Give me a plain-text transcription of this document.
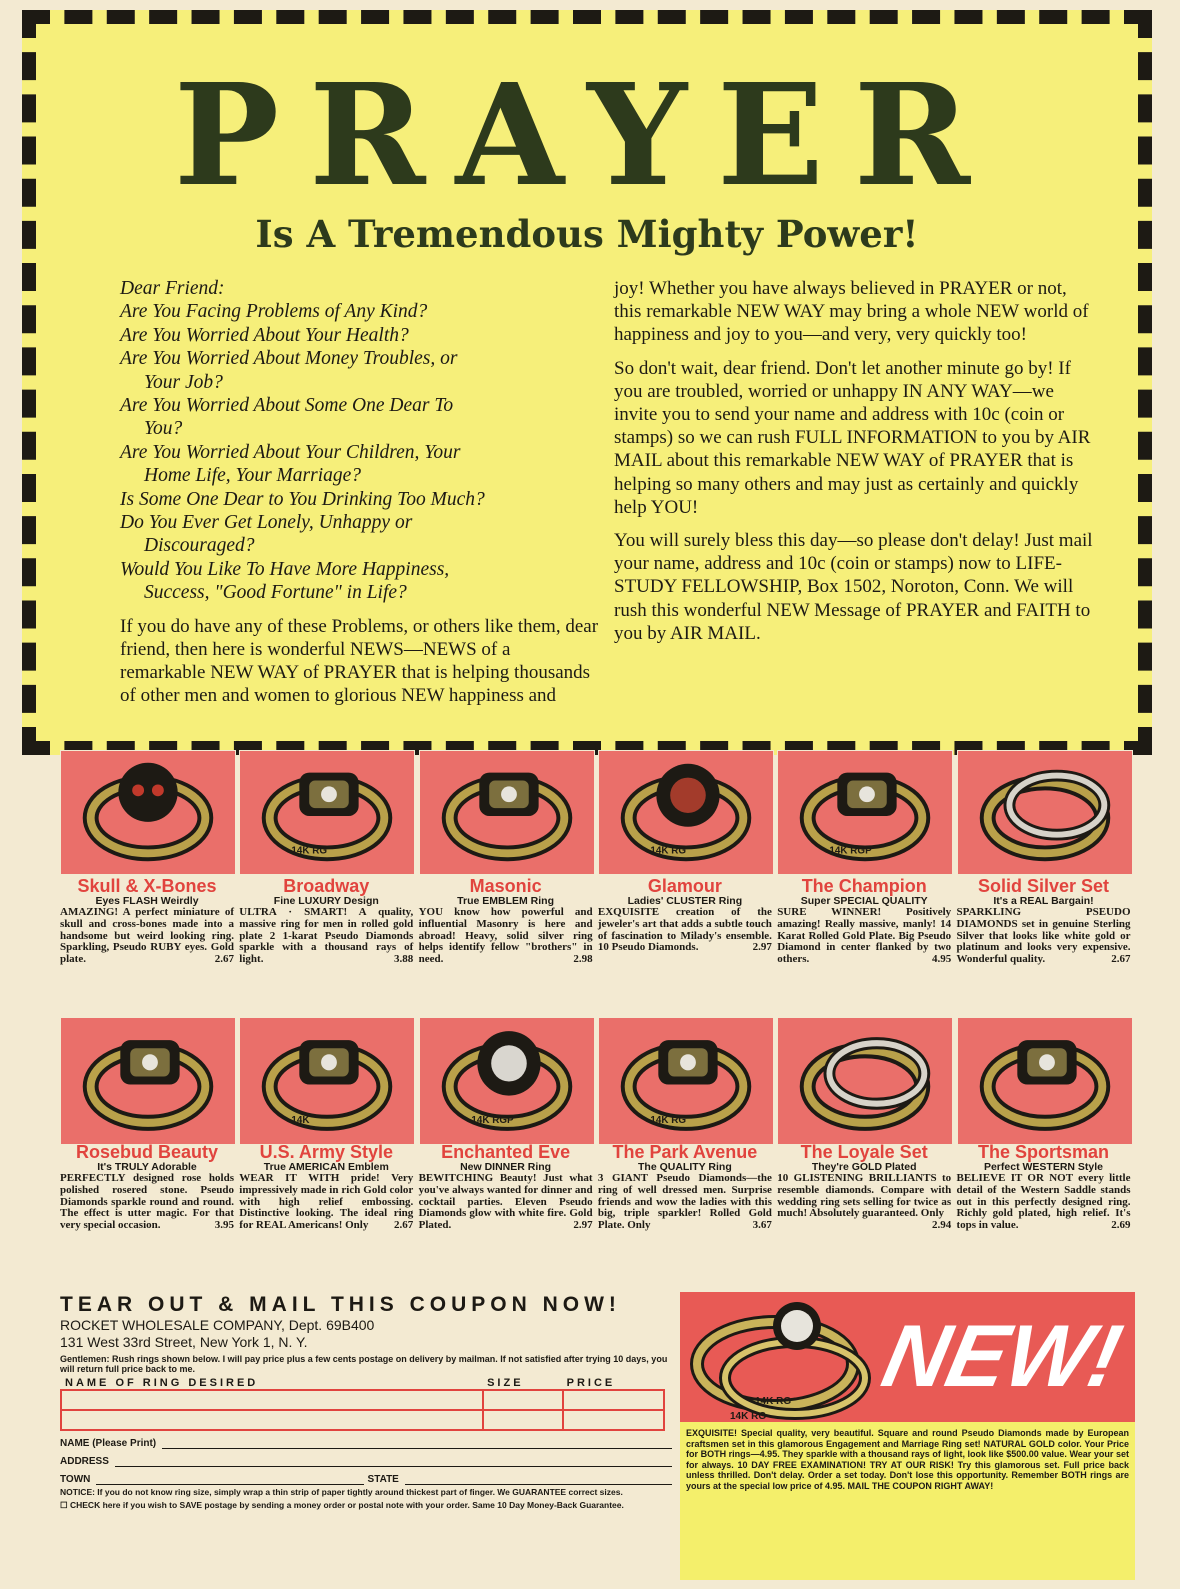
PRAYER
Is A Tremendous Mighty Power!

Dear Friend:

Are You Facing Problems of Any Kind?

Are You Worried About Your Health?

Are You Worried About Money Troubles, or

Your Job?

Are You Worried About Some One Dear To

You?

Are You Worried About Your Children, Your

Home Life, Your Marriage?

Is Some One Dear to You Drinking Too Much?

Do You Ever Get Lonely, Unhappy or

Discouraged?

Would You Like To Have More Happiness,

Success, "Good Fortune" in Life?

If you do have any of these Problems, or others like them, dear friend, then here is wonderful NEWS—NEWS of a remarkable NEW WAY of PRAYER that is helping thousands of other men and women to glorious NEW happiness and

joy! Whether you have always believed in PRAYER or not, this remarkable NEW WAY may bring a whole NEW world of happiness and joy to you—and very, very quickly too!

So don't wait, dear friend. Don't let another minute go by! If you are troubled, worried or unhappy IN ANY WAY—we invite you to send your name and address with 10c (coin or stamps) so we can rush FULL INFORMATION to you by AIR MAIL about this remarkable NEW WAY of PRAYER that is helping so many others and may just as certainly and quickly help YOU!

You will surely bless this day—so please don't delay! Just mail your name, address and 10c (coin or stamps) now to LIFE-STUDY FELLOWSHIP, Box 1502, Noroton, Conn. We will rush this wonderful NEW Message of PRAYER and FAITH to you by AIR MAIL.

14K RG	14K RG	14K RGP
Skull & X-Bones
Eyes FLASH Weirdly

AMAZING! A perfect miniature of skull and cross-bones made into a handsome but weird looking ring. Sparkling, Pseudo RUBY eyes. Gold plate.	2.67

Broadway
Fine LUXURY Design

ULTRA · SMART! A quality, massive ring for men in rolled gold plate 2 1-karat Pseudo Diamonds sparkle with a thousand rays of light.	3.88

Masonic
True EMBLEM Ring

YOU know how powerful and influential Masonry is here and abroad! Heavy, solid silver ring helps identify fellow "brothers" in need.	2.98

Glamour
Ladies' CLUSTER Ring

EXQUISITE creation of the jeweler's art that adds a subtle touch of fascination to Milady's ensemble. 10 Pseudo Diamonds.	2.97

The Champion
Super SPECIAL QUALITY

SURE WINNER! Positively amazing! Really massive, manly! 14 Karat Rolled Gold Plate. Big Pseudo Diamond in center flanked by two others.	4.95

Solid Silver Set
It's a REAL Bargain!

SPARKLING PSEUDO DIAMONDS set in genuine Sterling Silver that looks like white gold or platinum and looks very expensive. Wonderful quality.	2.67

14K	14K RGP	14K RG
Rosebud Beauty
It's TRULY Adorable

PERFECTLY designed rose holds polished rosered stone. Pseudo Diamonds sparkle round and round. The effect is utter magic. For that very special occasion.	3.95

U.S. Army Style
True AMERICAN Emblem

WEAR IT WITH pride! Very impressively made in rich Gold color with high relief embossing. Distinctive looking. The ideal ring for REAL Americans! Only 2.67

Enchanted Eve
New DINNER Ring

BEWITCHING Beauty! Just what you've always wanted for dinner and cocktail parties. Eleven Pseudo Diamonds glow with white fire. Gold Plated.	2.97

The Park Avenue
The QUALITY Ring

3 GIANT Pseudo Diamonds—the ring of well dressed men. Surprise friends and wow the ladies with this big, triple sparkler! Rolled Gold Plate. Only	3.67

The Loyale Set
They're GOLD Plated

10 GLISTENING BRILLIANTS to resemble diamonds. Compare with wedding ring sets selling for twice as much! Absolutely guaranteed. Only
2.94

The Sportsman
Perfect WESTERN Style

BELIEVE IT OR NOT every little detail of the Western Saddle stands out in this perfectly designed ring. Richly gold plated, high relief. It's tops in value.	2.69

TEAR OUT & MAIL THIS COUPON NOW!

ROCKET WHOLESALE COMPANY, Dept. 69B400

131 West 33rd Street, New York 1, N. Y.

Gentlemen: Rush rings shown below. I will pay price plus a few cents postage on delivery by mailman. If not satisfied after trying 10 days, you will return full price back to me.

NAME OF RING DESIRED	SIZE	PRICE

NAME (Please Print)
ADDRESS
TOWN	STATE

NOTICE: If you do not know ring size, simply wrap a thin strip of paper tightly around thickest part of finger. We GUARANTEE correct sizes.

☐ CHECK here if you wish to SAVE postage by sending a money order or postal note with your order. Same 10 Day Money-Back Guarantee.

14K RG
14K RG
NEW!
EXQUISITE! Special quality, very beautiful. Square and round Pseudo Diamonds made by European craftsmen set in this glamorous Engagement and Marriage Ring set! NATURAL GOLD color. Your Price for BOTH rings—4.95. They sparkle with a thousand rays of light, look like $500.00 value. Wear your set for always. 10 DAY FREE EXAMINATION! TRY AT OUR RISK! Try this glamorous set. Full price back unless thrilled. Don't delay. Order a set today. Don't lose this opportunity. Remember BOTH rings are yours at the special low price of 4.95. MAIL THE COUPON RIGHT AWAY!
